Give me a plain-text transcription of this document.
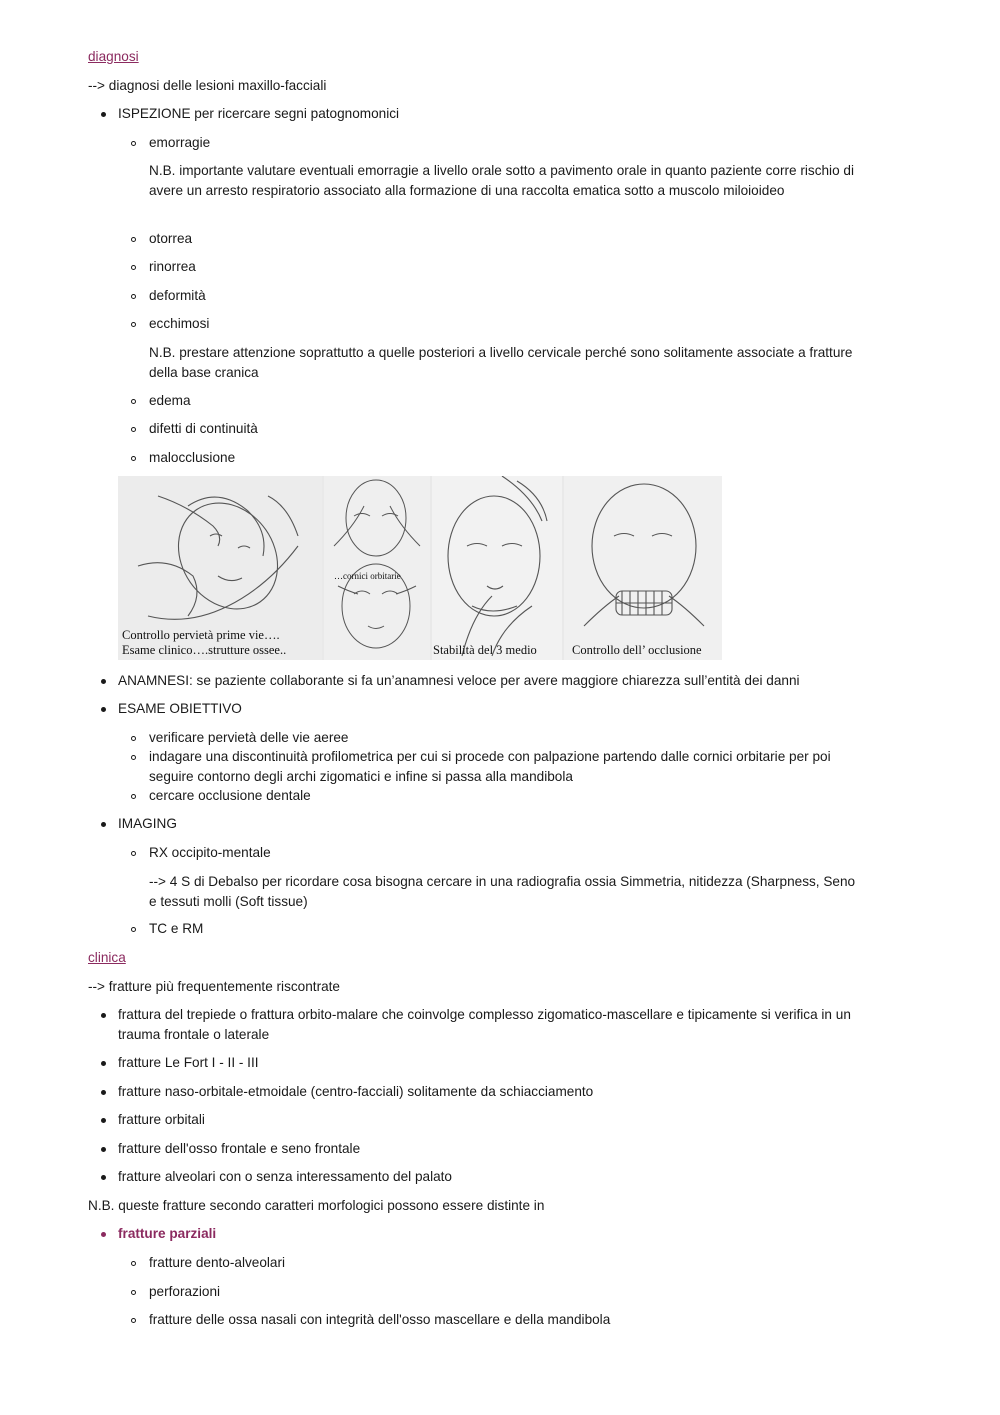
diagnosi
--> diagnosi delle lesioni maxillo-facciali
ISPEZIONE per ricercare segni patognomonici
emorragie
N.B. importante valutare eventuali emorragie a livello orale sotto a pavimento orale in quanto paziente corre rischio di avere un arresto respiratorio associato alla formazione di una raccolta ematica sotto a muscolo miloioideo
otorrea
rinorrea
deformità
ecchimosi
N.B. prestare attenzione soprattutto a quelle posteriori a livello cervicale perché sono solitamente associate a fratture della base cranica
edema
difetti di continuità
malocclusione
Controllo pervietà prime vie….
Esame clinico….strutture ossee..
…cornici orbitarie
Stabilità del 3 medio	Controllo dell’ occlusione
ANAMNESI: se paziente collaborante si fa un’anamnesi veloce per avere maggiore chiarezza sull’entità dei danni
ESAME OBIETTIVO
verificare pervietà delle vie aeree
indagare una discontinuità profilometrica per cui si procede con palpazione partendo dalle cornici orbitarie per poi seguire contorno degli archi zigomatici e infine si passa alla mandibola
cercare occlusione dentale
IMAGING
RX occipito-mentale
--> 4 S di Debalso per ricordare cosa bisogna cercare in una radiografia ossia Simmetria, nitidezza (Sharpness, Seno e tessuti molli (Soft tissue)
TC e RM
clinica
--> fratture più frequentemente riscontrate
frattura del trepiede o frattura orbito-malare che coinvolge complesso zigomatico-mascellare e tipicamente si verifica in un trauma frontale o laterale
fratture Le Fort I - II - III
fratture naso-orbitale-etmoidale (centro-facciali) solitamente da schiacciamento
fratture orbitali
fratture dell'osso frontale e seno frontale
fratture alveolari con o senza interessamento del palato
N.B. queste fratture secondo caratteri morfologici possono essere distinte in
fratture parziali
fratture dento-alveolari
perforazioni
fratture delle ossa nasali con integrità dell'osso mascellare e della mandibola
